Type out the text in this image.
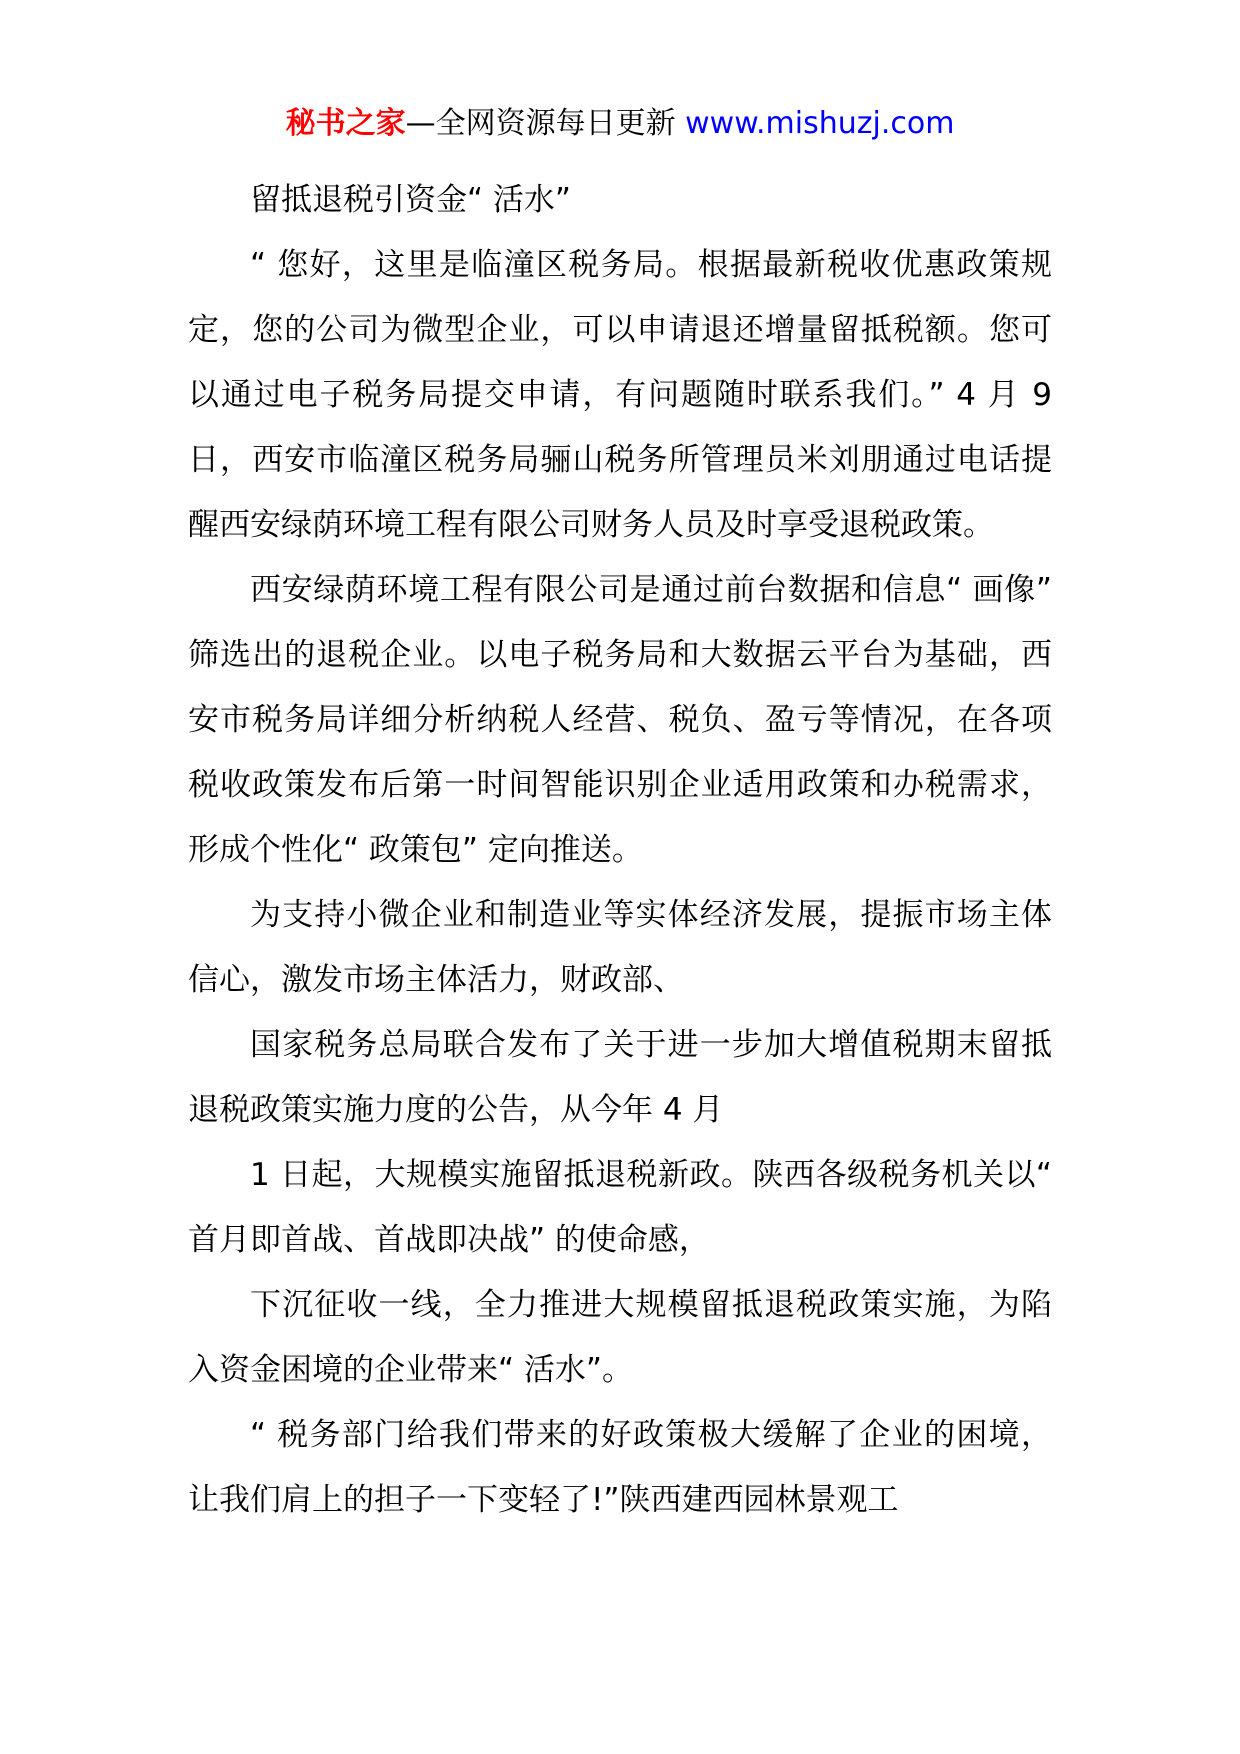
秘书之家—全网资源每日更新 www.mishuzj.com

留抵退税引资金“ 活水”

“ 您好，这里是临潼区税务局。根据最新税收优惠政策规定，您的公司为微型企业，可以申请退还增量留抵税额。您可以通过电子税务局提交申请，有问题随时联系我们。” 4 月 9 日，西安市临潼区税务局骊山税务所管理员米刘朋通过电话提醒西安绿荫环境工程有限公司财务人员及时享受退税政策。

西安绿荫环境工程有限公司是通过前台数据和信息“ 画像” 筛选出的退税企业。以电子税务局和大数据云平台为基础，西安市税务局详细分析纳税人经营、税负、盈亏等情况，在各项税收政策发布后第一时间智能识别企业适用政策和办税需求，形成个性化“ 政策包” 定向推送。

为支持小微企业和制造业等实体经济发展，提振市场主体信心，激发市场主体活力，财政部、

国家税务总局联合发布了关于进一步加大增值税期末留抵退税政策实施力度的公告，从今年 4 月

1 日起，大规模实施留抵退税新政。陕西各级税务机关以“ 首月即首战、首战即决战” 的使命感，

下沉征收一线，全力推进大规模留抵退税政策实施，为陷入资金困境的企业带来“ 活水”。

“ 税务部门给我们带来的好政策极大缓解了企业的困境， 让我们肩上的担子一下变轻了!”陕西建西园林景观工
